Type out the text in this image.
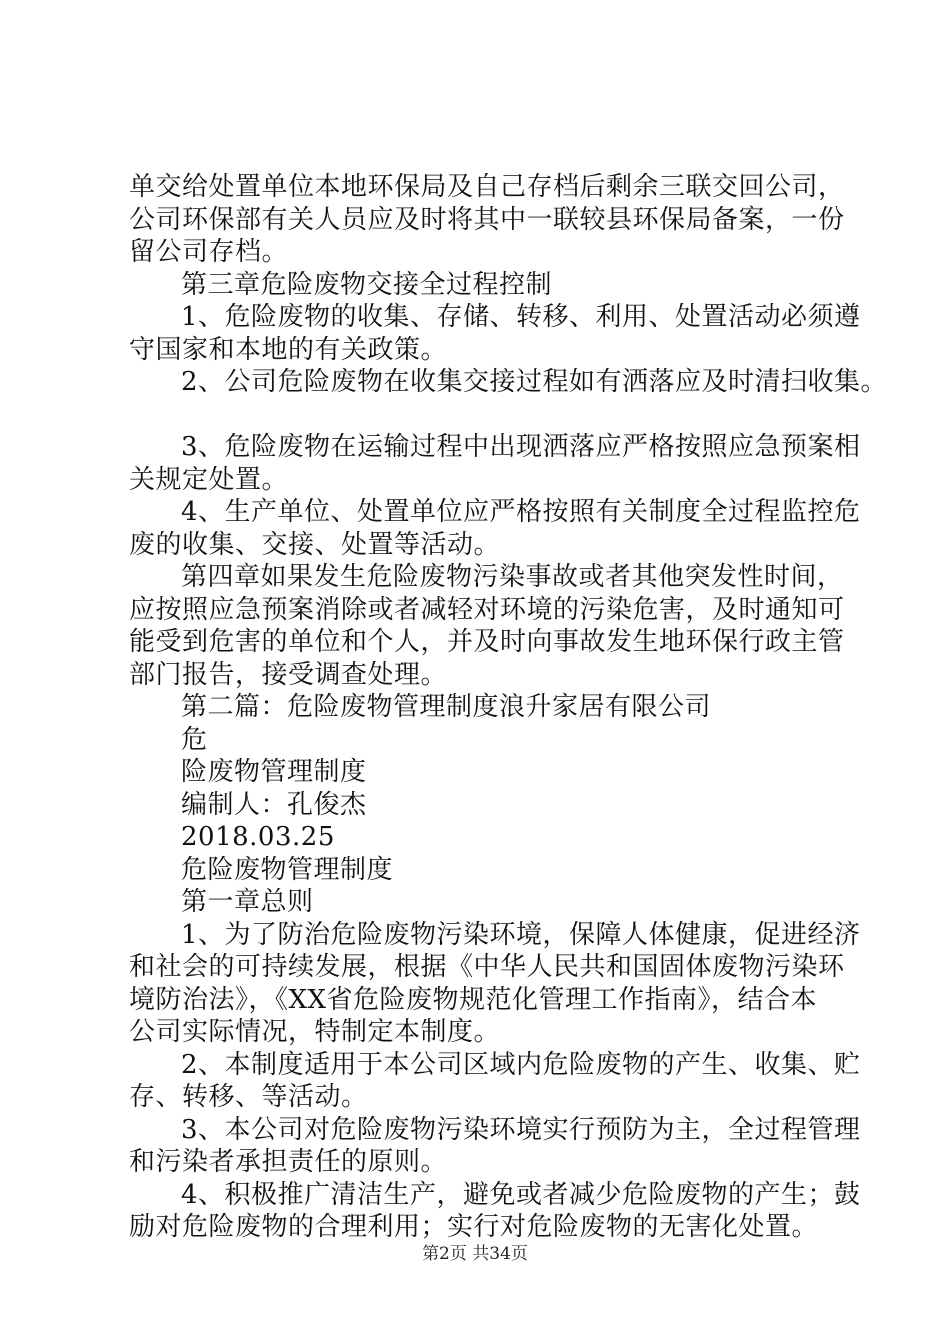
单交给处置单位本地环保局及自己存档后剩余三联交回公司，
公司环保部有关人员应及时将其中一联较县环保局备案，一份
留公司存档。
第三章危险废物交接全过程控制
1、危险废物的收集、存储、转移、利用、处置活动必须遵
守国家和本地的有关政策。
2、公司危险废物在收集交接过程如有洒落应及时清扫收集。
3、危险废物在运输过程中出现洒落应严格按照应急预案相
关规定处置。
4、生产单位、处置单位应严格按照有关制度全过程监控危
废的收集、交接、处置等活动。
第四章如果发生危险废物污染事故或者其他突发性时间，
应按照应急预案消除或者减轻对环境的污染危害，及时通知可
能受到危害的单位和个人，并及时向事故发生地环保行政主管
部门报告，接受调查处理。
第二篇：危险废物管理制度浪升家居有限公司
危
险废物管理制度
编制人：孔俊杰
2018.03.25
危险废物管理制度
第一章总则
1、为了防治危险废物污染环境，保障人体健康，促进经济
和社会的可持续发展，根据《中华人民共和国固体废物污染环
境防治法》，《XX省危险废物规范化管理工作指南》，结合本
公司实际情况，特制定本制度。
2、本制度适用于本公司区域内危险废物的产生、收集、贮
存、转移、等活动。
3、本公司对危险废物污染环境实行预防为主，全过程管理
和污染者承担责任的原则。
4、积极推广清洁生产，避免或者减少危险废物的产生；鼓
励对危险废物的合理利用；实行对危险废物的无害化处置。
第2页 共34页
